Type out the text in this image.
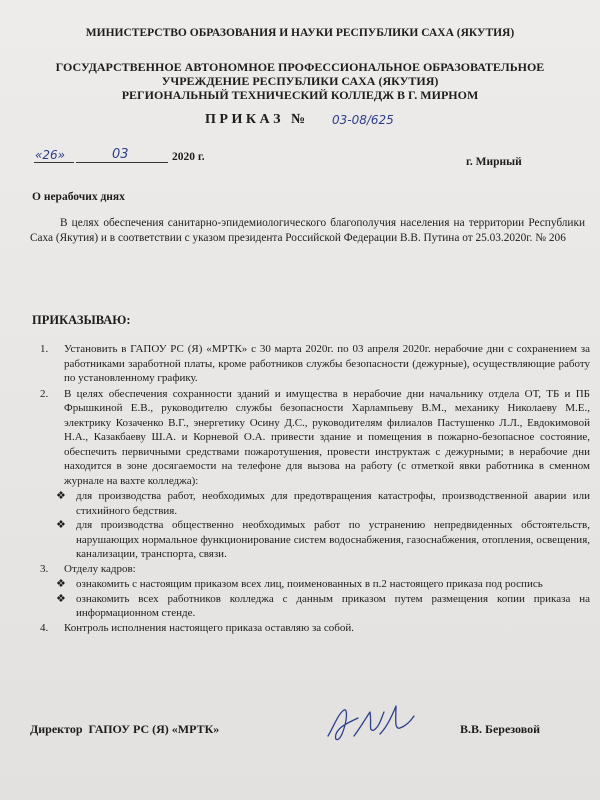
МИНИСТЕРСТВО ОБРАЗОВАНИЯ И НАУКИ РЕСПУБЛИКИ САХА (ЯКУТИЯ)
ГОСУДАРСТВЕННОЕ АВТОНОМНОЕ ПРОФЕССИОНАЛЬНОЕ ОБРАЗОВАТЕЛЬНОЕ
УЧРЕЖДЕНИЕ РЕСПУБЛИКИ САХА (ЯКУТИЯ)
РЕГИОНАЛЬНЫЙ ТЕХНИЧЕСКИЙ КОЛЛЕДЖ В Г. МИРНОМ
П Р И К А З   № 03-08/625
«26»	03	2020 г.	г. Мирный
О нерабочих днях
В целях обеспечения санитарно-эпидемиологического благополучия населения на территории Республики Саха (Якутия) и в соответствии с указом президента Российской Федерации В.В. Путина от 25.03.2020г. № 206
ПРИКАЗЫВАЮ:
1. Установить в ГАПОУ РС (Я) «МРТК» с 30 марта 2020г. по 03 апреля 2020г. нерабочие дни с сохранением за работниками заработной платы, кроме работников службы безопасности (дежурные), осуществляющие работу по установленному графику.
2. В целях обеспечения сохранности зданий и имущества в нерабочие дни начальнику отдела ОТ, ТБ и ПБ Фрышкиной Е.В., руководителю службы безопасности Харлампьеву В.М., механику Николаеву М.Е., электрику Козаченко В.Г., энергетику Осину Д.С., руководителям филиалов Пастушенко Л.Л., Евдокимовой Н.А., Казакбаеву Ш.А. и Корневой О.А. привести здание и помещения в пожарно-безопасное состояние, обеспечить первичными средствами пожаротушения, провести инструктаж с дежурными; в нерабочие дни находится в зоне досягаемости на телефоне для вызова на работу (с отметкой явки работника в сменном журнале на вахте колледжа):
❖ для производства работ, необходимых для предотвращения катастрофы, производственной аварии или стихийного бедствия.
❖ для производства общественно необходимых работ по устранению непредвиденных обстоятельств, нарушающих нормальное функционирование систем водоснабжения, газоснабжения, отопления, освещения, канализации, транспорта, связи.
3. Отделу кадров:
❖ ознакомить с настоящим приказом всех лиц, поименованных в п.2 настоящего приказа под роспись
❖ ознакомить всех работников колледжа с данным приказом путем размещения копии приказа на информационном стенде.
4. Контроль исполнения настоящего приказа оставляю за собой.
Директор  ГАПОУ РС (Я) «МРТК»	В.В. Березовой
